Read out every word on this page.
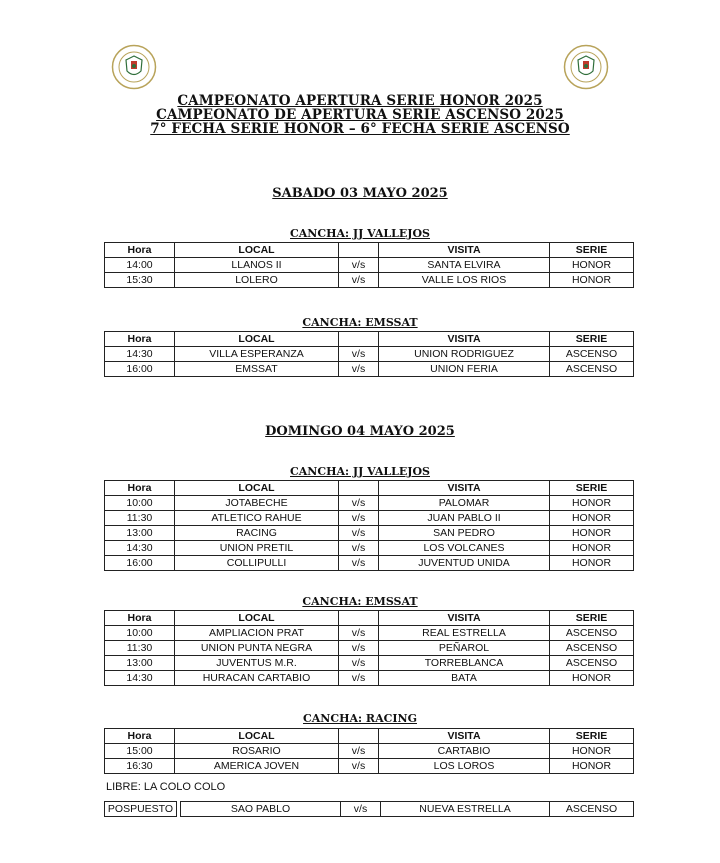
CAMPEONATO APERTURA SERIE HONOR 2025
CAMPEONATO DE APERTURA SERIE ASCENSO 2025
7° FECHA SERIE HONOR – 6° FECHA SERIE ASCENSO
SABADO 03 MAYO 2025
CANCHA: JJ VALLEJOS
Hora	LOCAL		VISITA	SERIE
14:00	LLANOS II	v/s	SANTA ELVIRA	HONOR
15:30	LOLERO	v/s	VALLE LOS RIOS	HONOR
CANCHA: EMSSAT
Hora	LOCAL		VISITA	SERIE
14:30	VILLA ESPERANZA	v/s	UNION RODRIGUEZ	ASCENSO
16:00	EMSSAT	v/s	UNION FERIA	ASCENSO
DOMINGO 04 MAYO 2025
CANCHA: JJ VALLEJOS
Hora	LOCAL		VISITA	SERIE
10:00	JOTABECHE	v/s	PALOMAR	HONOR
11:30	ATLETICO RAHUE	v/s	JUAN PABLO II	HONOR
13:00	RACING	v/s	SAN PEDRO	HONOR
14:30	UNION PRETIL	v/s	LOS VOLCANES	HONOR
16:00	COLLIPULLI	v/s	JUVENTUD UNIDA	HONOR
CANCHA: EMSSAT
Hora	LOCAL		VISITA	SERIE
10:00	AMPLIACION PRAT	v/s	REAL ESTRELLA	ASCENSO
11:30	UNION PUNTA NEGRA	v/s	PEÑAROL	ASCENSO
13:00	JUVENTUS M.R.	v/s	TORREBLANCA	ASCENSO
14:30	HURACAN CARTABIO	v/s	BATA	HONOR
CANCHA: RACING
Hora	LOCAL		VISITA	SERIE
15:00	ROSARIO	v/s	CARTABIO	HONOR
16:30	AMERICA JOVEN	v/s	LOS LOROS	HONOR
LIBRE: LA COLO COLO
POSPUESTO		SAO PABLO	v/s	NUEVA ESTRELLA	ASCENSO
